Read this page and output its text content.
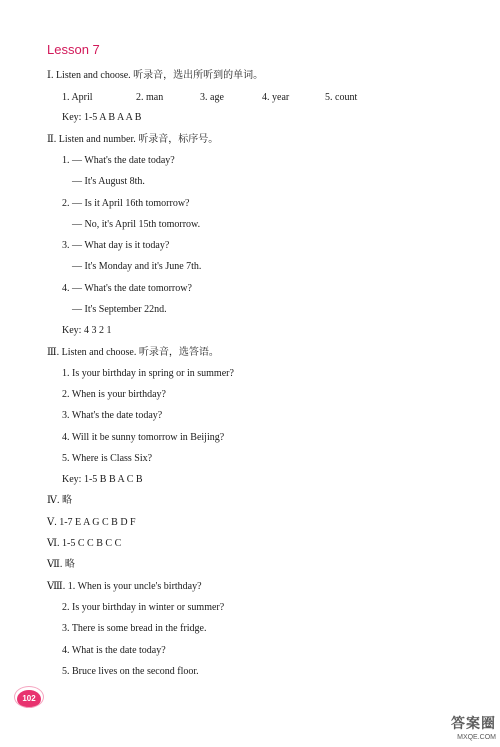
Lesson 7
Ⅰ. Listen and choose. 听录音，选出所听到的单词。
1. April	2. man	3. age	4. year	5. count
Key: 1-5 A B A A B
Ⅱ. Listen and number. 听录音，标序号。
1. — What's the date today?
— It's August 8th.
2. — Is it April 16th tomorrow?
— No, it's April 15th tomorrow.
3. — What day is it today?
— It's Monday and it's June 7th.
4. — What's the date tomorrow?
— It's September 22nd.
Key: 4 3 2 1
Ⅲ. Listen and choose. 听录音，选答语。
1. Is your birthday in spring or in summer?
2. When is your birthday?
3. What's the date today?
4. Will it be sunny tomorrow in Beijing?
5. Where is Class Six?
Key: 1-5 B B A C B
Ⅳ. 略
Ⅴ. 1-7 E A G C B D F
Ⅵ. 1-5 C C B C C
Ⅶ. 略
Ⅷ. 1. When is your uncle's birthday?
2. Is your birthday in winter or summer?
3. There is some bread in the fridge.
4. What is the date today?
5. Bruce lives on the second floor.
102
答案圈
MXQE.COM
